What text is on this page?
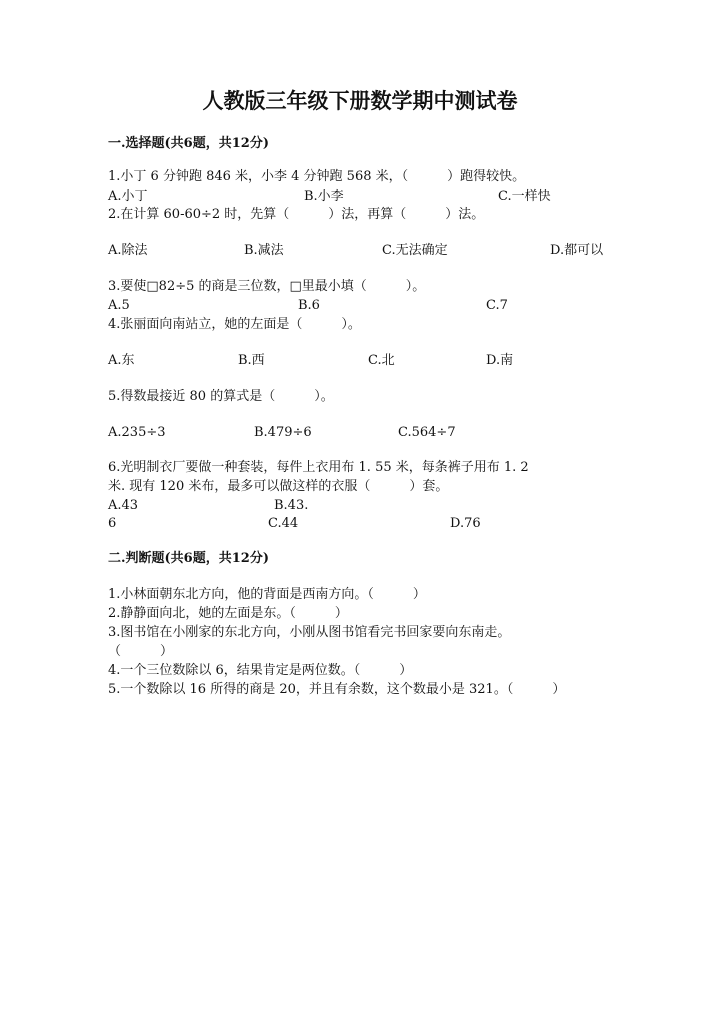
人教版三年级下册数学期中测试卷
一.选择题(共6题，共12分)
1.小丁 6 分钟跑 846 米，小李 4 分钟跑 568 米，（　　　）跑得较快。
A.小丁	B.小李	C.一样快
2.在计算 60-60÷2 时，先算（　　　）法，再算（　　　）法。
A.除法	B.减法	C.无法确定	D.都可以
3.要使□82÷5 的商是三位数，□里最小填（　　　）。
A.5	B.6	C.7
4.张丽面向南站立，她的左面是（　　　）。
A.东	B.西	C.北	D.南
5.得数最接近 80 的算式是（　　　）。
A.235÷3	B.479÷6	C.564÷7
6.光明制衣厂要做一种套装，每件上衣用布 1. 55 米，每条裤子用布 1. 2
米. 现有 120 米布，最多可以做这样的衣服（　　　）套。
A.43	B.43.
6	C.44	D.76
二.判断题(共6题，共12分)
1.小林面朝东北方向，他的背面是西南方向。（　　　）
2.静静面向北，她的左面是东。（　　　）
3.图书馆在小刚家的东北方向，小刚从图书馆看完书回家要向东南走。
（　　　）
4.一个三位数除以 6，结果肯定是两位数。（　　　）
5.一个数除以 16 所得的商是 20，并且有余数，这个数最小是 321。（　　　）
